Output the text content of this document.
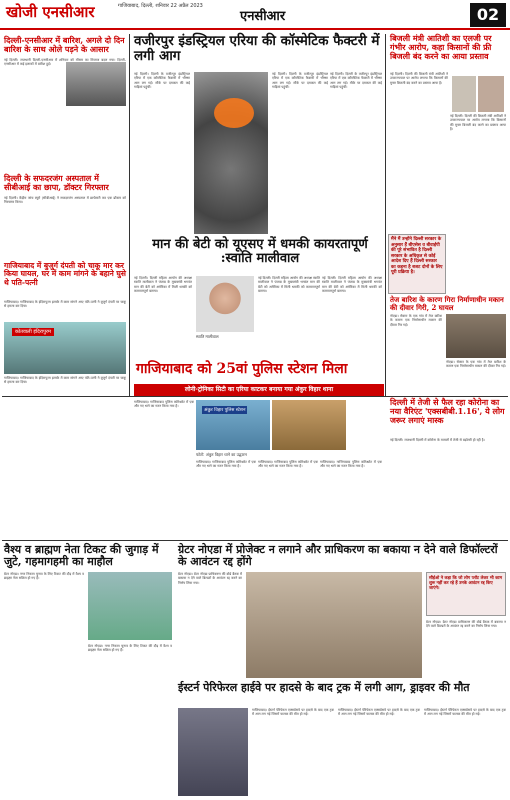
खोजी एनसीआर	गाजियाबाद, दिल्ली, शनिवार 22 अप्रैल 2023
एनसीआर	02
दिल्ली-एनसीआर में बारिश, अगले दो दिन बारिश के साथ ओले पड़ने के आसार
नई दिल्ली। राजधानी दिल्ली-एनसीआर में शनिवार को मौसम का मिजाज बदल गया। दिल्ली-एनसीआर में कई इलाकों में बारिश हुई।
दिल्ली के सफदरजंग अस्पताल में सीबीआई का छापा, डॉक्टर गिरफ्तार
नई दिल्ली। केंद्रीय जांच ब्यूरो (सीबीआई) ने सफदरजंग अस्पताल में छापेमारी कर एक डॉक्टर को गिरफ्तार किया।
गाजियाबाद में बुजुर्ग दंपती को चाकू मार कर किया घायल, घर में काम मांगने के बहाने घुसे थे पति-पत्नी
गाजियाबाद। गाजियाबाद के इंदिरापुरम इलाके में काम मांगने आए पति-पत्नी ने बुजुर्ग दंपती पर चाकू से हमला कर दिया।
कोतवाली इंदिरापुरम
गाजियाबाद। गाजियाबाद के इंदिरापुरम इलाके में काम मांगने आए पति-पत्नी ने बुजुर्ग दंपती पर चाकू से हमला कर दिया।
वजीरपुर इंडस्ट्रियल एरिया की कॉस्मेटिक फैक्टरी में लगी आग
नई दिल्ली। दिल्ली के वजीरपुर इंडस्ट्रियल एरिया में एक कॉस्मेटिक फैक्टरी में भीषण आग लग गई। मौके पर दमकल की कई गाड़ियां पहुंचीं।
नई दिल्ली। दिल्ली के वजीरपुर इंडस्ट्रियल एरिया में एक कॉस्मेटिक फैक्टरी में भीषण आग लग गई। मौके पर दमकल की कई गाड़ियां पहुंचीं।
नई दिल्ली। दिल्ली के वजीरपुर इंडस्ट्रियल एरिया में एक कॉस्मेटिक फैक्टरी में भीषण आग लग गई। मौके पर दमकल की कई गाड़ियां पहुंचीं।
बिजली मंत्री आतिशी का एलजी पर गंभीर आरोप, कहा किसानों की फ्री बिजली बंद करने का आया प्रस्ताव
नई दिल्ली। दिल्ली की बिजली मंत्री आतिशी ने उपराज्यपाल पर आरोप लगाया कि किसानों की मुफ्त बिजली बंद करने का प्रस्ताव आया है।
मैंने मैं उन्होंने दिल्ली सरकार के अनुसार हैं बीएसेस व बीवाईपी की पूरे संभावित है दिल्ली सरकार के अधिकृत से कोई आदेश दिए हैं दिल्ली सरकार का कहना है बजट दोनों के लिए पूरी प्रक्रिया है।
नई दिल्ली। दिल्ली की बिजली मंत्री आतिशी ने उपराज्यपाल पर आरोप लगाया कि किसानों की मुफ्त बिजली बंद करने का प्रस्ताव आया है।
मान की बेटी को यूएसए में धमकी कायरतापूर्ण :स्वाति मालीवाल
नई दिल्ली। दिल्ली महिला आयोग की अध्यक्ष स्वाति मालीवाल ने पंजाब के मुख्यमंत्री भगवंत मान की बेटी को अमेरिका में मिली धमकी को कायरतापूर्ण बताया।
स्वाति मालीवाल
नई दिल्ली। दिल्ली महिला आयोग की अध्यक्ष स्वाति मालीवाल ने पंजाब के मुख्यमंत्री भगवंत मान की बेटी को अमेरिका में मिली धमकी को कायरतापूर्ण बताया।
नई दिल्ली। दिल्ली महिला आयोग की अध्यक्ष स्वाति मालीवाल ने पंजाब के मुख्यमंत्री भगवंत मान की बेटी को अमेरिका में मिली धमकी को कायरतापूर्ण बताया।
तेज बारिश के कारण गिरा निर्माणाधीन मकान की दीवार गिरी, 2 घायल
नोएडा। सेक्टर के एक गांव में तेज बारिश के कारण एक निर्माणाधीन मकान की दीवार गिर गई।
नोएडा। सेक्टर के एक गांव में तेज बारिश के कारण एक निर्माणाधीन मकान की दीवार गिर गई।
गाजियाबाद को 25वां पुलिस स्टेशन मिला
लोनी-ट्रोनिका सिटी का एरिया काटकर बनाया गया अंकुर विहार थाना
दिल्ली में तेजी से फैल रहा कोरोना का नया वैरिएंट 'एक्सबीबी.1.16', ये लोग जरूर लगाएं मास्क
नई दिल्ली। राजधानी दिल्ली में कोरोना के मामलों में तेजी से बढ़ोतरी हो रही है।
गाजियाबाद। गाजियाबाद पुलिस कमिश्नरेट में एक और नए थाने का गठन किया गया है।
अंकुर विहार पुलिस स्टेशन
फोटो: अंकुर विहार थाने का उद्घाटन
गाजियाबाद। गाजियाबाद पुलिस कमिश्नरेट में एक और नए थाने का गठन किया गया है।
गाजियाबाद। गाजियाबाद पुलिस कमिश्नरेट में एक और नए थाने का गठन किया गया है।
गाजियाबाद। गाजियाबाद पुलिस कमिश्नरेट में एक और नए थाने का गठन किया गया है।
वैश्य व ब्राह्मण नेता टिकट की जुगाड़ में जुटे, गहमागहमी का माहौल
ग्रेटर नोएडा। नगर निकाय चुनाव के लिए टिकट की दौड़ में वैश्य व ब्राह्मण नेता सक्रिय हो गए हैं।
ग्रेटर नोएडा। नगर निकाय चुनाव के लिए टिकट की दौड़ में वैश्य व ब्राह्मण नेता सक्रिय हो गए हैं।
ग्रेटर नोएडा में प्रोजेक्ट न लगाने और प्राधिकरण का बकाया न देने वाले डिफॉल्टरों के आवंटन रद्द होंगे
ग्रेटर नोएडा। ग्रेटर नोएडा प्राधिकरण की बोर्ड बैठक में बकाया न देने वाले बिल्डरों के आवंटन रद्द करने का निर्णय लिया गया।
सीईओ ने कहा कि जो लोग प्लॉट लेकर भी काम शुरू नहीं कर रहे हैं उनके आवंटन रद्द किए जाएंगे।
ग्रेटर नोएडा। ग्रेटर नोएडा प्राधिकरण की बोर्ड बैठक में बकाया न देने वाले बिल्डरों के आवंटन रद्द करने का निर्णय लिया गया।
ईस्टर्न पेरिफेरल हाईवे पर हादसे के बाद ट्रक में लगी आग, ड्राइवर की मौत
गाजियाबाद। ईस्टर्न पेरिफेरल एक्सप्रेसवे पर हादसे के बाद एक ट्रक में आग लग गई जिसमें चालक की मौत हो गई।
गाजियाबाद। ईस्टर्न पेरिफेरल एक्सप्रेसवे पर हादसे के बाद एक ट्रक में आग लग गई जिसमें चालक की मौत हो गई।
गाजियाबाद। ईस्टर्न पेरिफेरल एक्सप्रेसवे पर हादसे के बाद एक ट्रक में आग लग गई जिसमें चालक की मौत हो गई।
